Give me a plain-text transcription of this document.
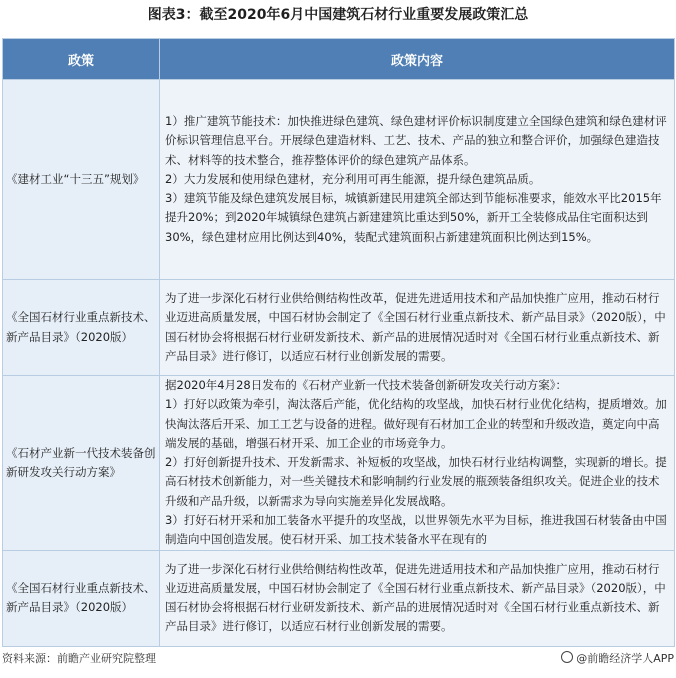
图表3：截至2020年6月中国建筑石材行业重要发展政策汇总
政策	政策内容
《建材工业“十三五”规划》	1）推广建筑节能技术：加快推进绿色建筑、绿色建材评价标识制度建立全国绿色建筑和绿色建材评价标识管理信息平台。开展绿色建造材料、工艺、技术、产品的独立和整合评价，加强绿色建造技术、材料等的技术整合，推荐整体评价的绿色建筑产品体系。

2）大力发展和使用绿色建材，充分利用可再生能源，提升绿色建筑品质。

3）建筑节能及绿色建筑发展目标，城镇新建民用建筑全部达到节能标准要求，能效水平比2015年提升20%；到2020年城镇绿色建筑占新建建筑比重达到50%，新开工全装修成品住宅面积达到30%，绿色建材应用比例达到40%，装配式建筑面积占新建建筑面积比例达到15%。

《全国石材行业重点新技术、新产品目录》（2020版）	为了进一步深化石材行业供给侧结构性改革，促进先进适用技术和产品加快推广应用，推动石材行业迈进高质量发展，中国石材协会制定了《全国石材行业重点新技术、新产品目录》（2020版），中国石材协会将根据石材行业研发新技术、新产品的进展情况适时对《全国石材行业重点新技术、新产品目录》进行修订，以适应石材行业创新发展的需要。

《石材产业新一代技术装备创新研发攻关行动方案》	据2020年4月28日发布的《石材产业新一代技术装备创新研发攻关行动方案》：

1）打好以政策为牵引，淘汰落后产能，优化结构的攻坚战，加快石材行业优化结构，提质增效。加快淘汰落后开采、加工工艺与设备的进程。做好现有石材加工企业的转型和升级改造，奠定向中高端发展的基础，增强石材开采、加工企业的市场竞争力。

2）打好创新提升技术、开发新需求、补短板的攻坚战，加快石材行业结构调整，实现新的增长。提高石材技术创新能力，对一些关键技术和影响制约行业发展的瓶颈装备组织攻关。促进企业的技术升级和产品升级，以新需求为导向实施差异化发展战略。

3）打好石材开采和加工装备水平提升的攻坚战，以世界领先水平为目标，推进我国石材装备由中国制造向中国创造发展。使石材开采、加工技术装备水平在现有的

《全国石材行业重点新技术、新产品目录》（2020版）	为了进一步深化石材行业供给侧结构性改革，促进先进适用技术和产品加快推广应用，推动石材行业迈进高质量发展，中国石材协会制定了《全国石材行业重点新技术、新产品目录》（2020版），中国石材协会将根据石材行业研发新技术、新产品的进展情况适时对《全国石材行业重点新技术、新产品目录》进行修订，以适应石材行业创新发展的需要。

资料来源：前瞻产业研究院整理	@前瞻经济学人APP
